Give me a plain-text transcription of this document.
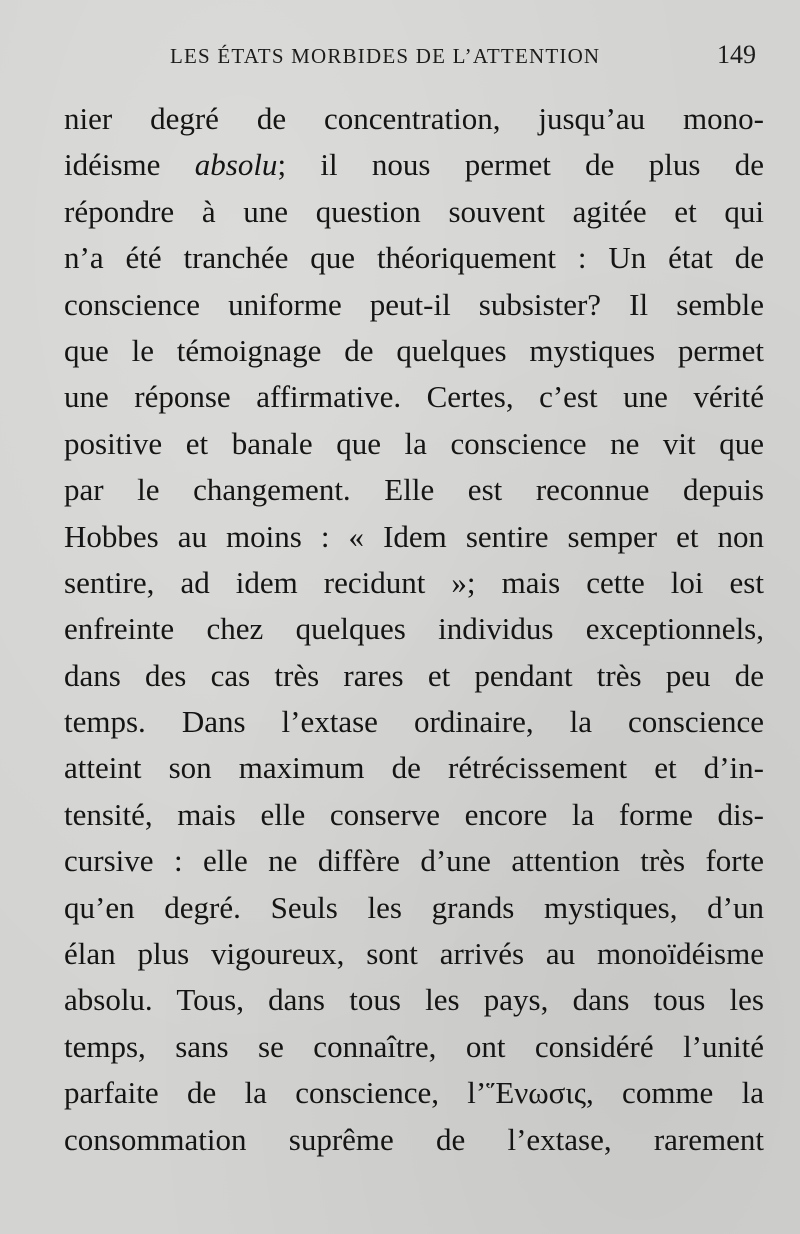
LES ÉTATS MORBIDES DE L’ATTENTION	149
nier degré de concentration, jusqu’au mono-
idéisme absolu; il nous permet de plus de
répondre à une question souvent agitée et qui
n’a été tranchée que théoriquement : Un état de
conscience uniforme peut-il subsister? Il semble
que le témoignage de quelques mystiques permet
une réponse affirmative. Certes, c’est une vérité
positive et banale que la conscience ne vit que
par le changement. Elle est reconnue depuis
Hobbes au moins : « Idem sentire semper et non
sentire, ad idem recidunt »; mais cette loi est
enfreinte chez quelques individus exceptionnels,
dans des cas très rares et pendant très peu de
temps. Dans l’extase ordinaire, la conscience
atteint son maximum de rétrécissement et d’in-
tensité, mais elle conserve encore la forme dis-
cursive : elle ne diffère d’une attention très forte
qu’en degré. Seuls les grands mystiques, d’un
élan plus vigoureux, sont arrivés au monoïdéisme
absolu. Tous, dans tous les pays, dans tous les
temps, sans se connaître, ont considéré l’unité
parfaite de la conscience, l’Ἕνωσις, comme la
consommation suprême de l’extase, rarement
